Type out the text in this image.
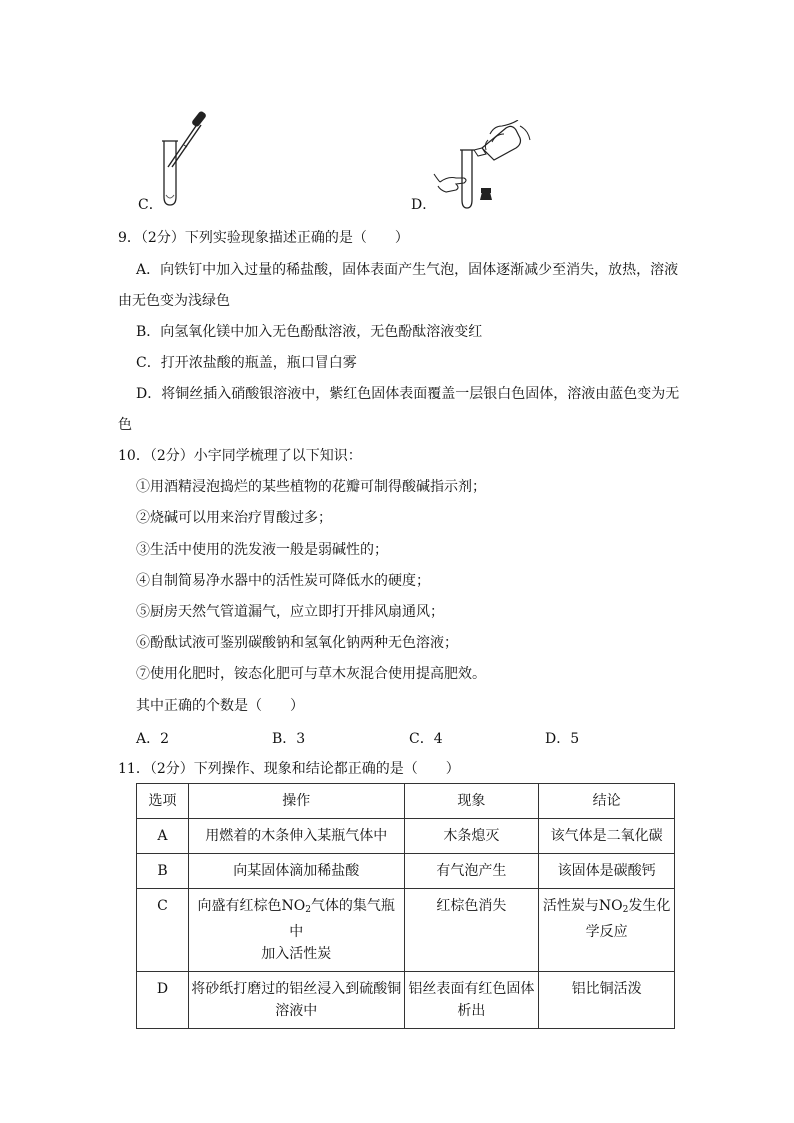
C．	D．
9．（2分）下列实验现象描述正确的是（　　）
A．向铁钉中加入过量的稀盐酸，固体表面产生气泡，固体逐渐减少至消失，放热，溶液
由无色变为浅绿色
B．向氢氧化镁中加入无色酚酞溶液，无色酚酞溶液变红
C．打开浓盐酸的瓶盖，瓶口冒白雾
D．将铜丝插入硝酸银溶液中，紫红色固体表面覆盖一层银白色固体，溶液由蓝色变为无
色
10．（2分）小宇同学梳理了以下知识：
①用酒精浸泡捣烂的某些植物的花瓣可制得酸碱指示剂；
②烧碱可以用来治疗胃酸过多；
③生活中使用的洗发液一般是弱碱性的；
④自制简易净水器中的活性炭可降低水的硬度；
⑤厨房天然气管道漏气，应立即打开排风扇通风；
⑥酚酞试液可鉴别碳酸钠和氢氧化钠两种无色溶液；
⑦使用化肥时，铵态化肥可与草木灰混合使用提高肥效。
其中正确的个数是（　　）
A．2	B．3	C．4	D．5
11．（2分）下列操作、现象和结论都正确的是（　　）
选项	操作	现象	结论
A	用燃着的木条伸入某瓶气体中	木条熄灭	该气体是二氧化碳
B	向某固体滴加稀盐酸	有气泡产生	该固体是碳酸钙
C	向盛有红棕色$NO_2$气体的集气瓶中
加入活性炭	红棕色消失	活性炭与$NO_2$发生化
学反应
D	将砂纸打磨过的铝丝浸入到硫酸铜
溶液中	铝丝表面有红色固体
析出	铝比铜活泼
